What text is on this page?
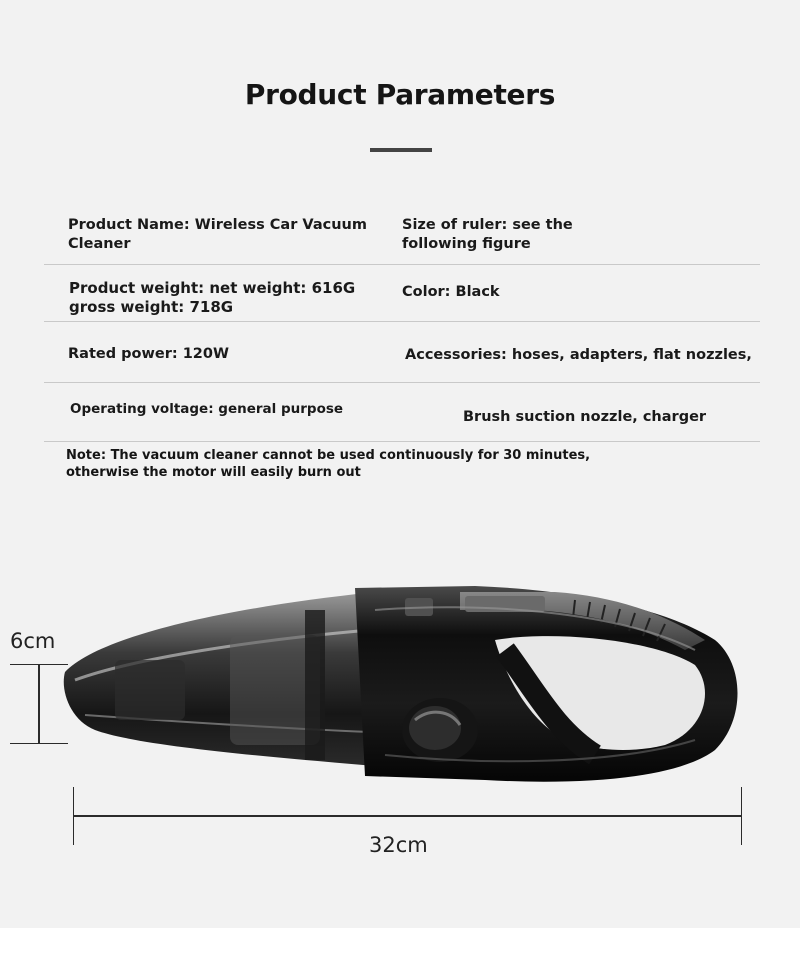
Product Parameters
Product Name: Wireless Car Vacuum Cleaner
Size of ruler: see the following figure
Product weight: net weight: 616G gross weight: 718G
Color: Black
Rated power: 120W	Accessories: hoses, adapters, flat nozzles,
Operating voltage: general purpose	Brush suction nozzle, charger
Note: The vacuum cleaner cannot be used continuously for 30 minutes, otherwise the motor will easily burn out
6cm
32cm
